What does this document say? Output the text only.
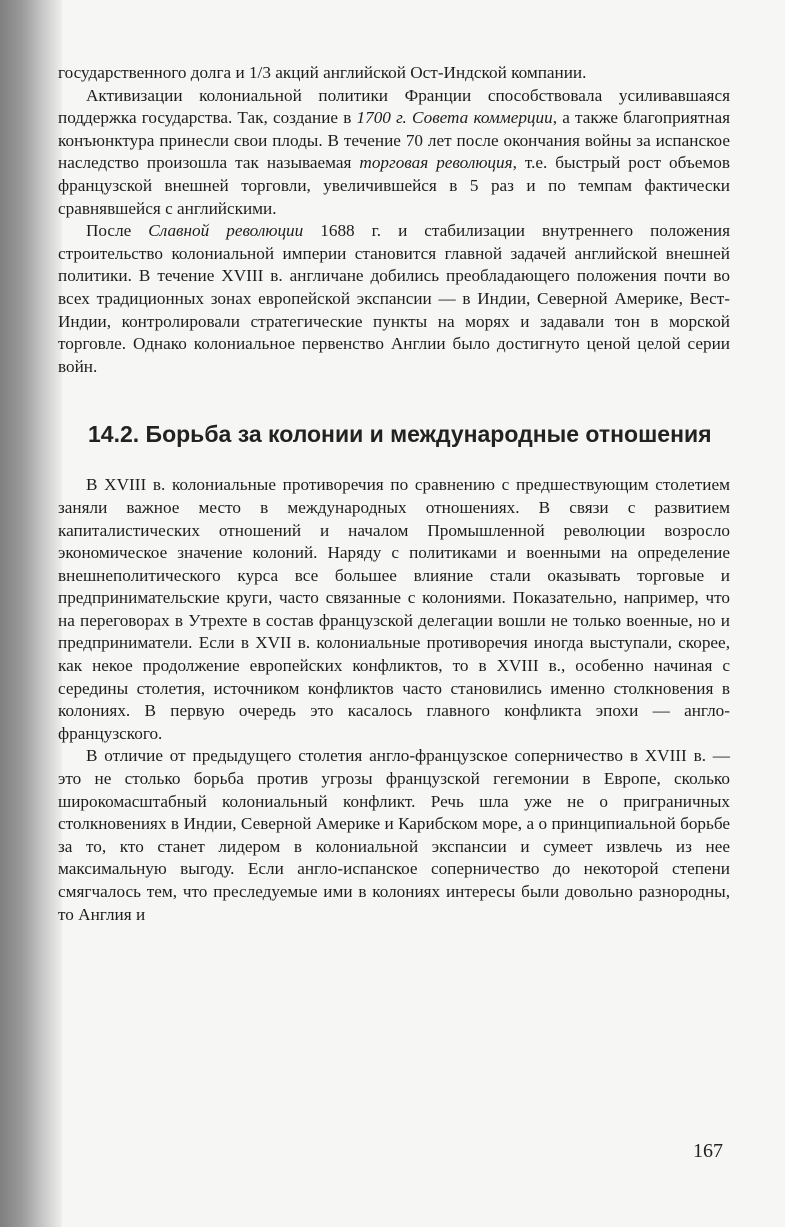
государственного долга и 1/3 акций английской Ост-Индской компании.

Активизации колониальной политики Франции способствовала усиливавшаяся поддержка государства. Так, создание в 1700 г. Совета коммерции, а также благоприятная конъюнктура принесли свои плоды. В течение 70 лет после окончания войны за испанское наследство произошла так называемая торговая революция, т.е. быстрый рост объемов французской внешней торговли, увеличившейся в 5 раз и по темпам фактически сравнявшейся с английскими.

После Славной революции 1688 г. и стабилизации внутреннего положения строительство колониальной империи становится главной задачей английской внешней политики. В течение XVIII в. англичане добились преобладающего положения почти во всех традиционных зонах европейской экспансии — в Индии, Северной Америке, Вест-Индии, контролировали стратегические пункты на морях и задавали тон в морской торговле. Однако колониальное первенство Англии было достигнуто ценой целой серии войн.

14.2. Борьба за колонии и международные отношения

В XVIII в. колониальные противоречия по сравнению с предшествующим столетием заняли важное место в международных отношениях. В связи с развитием капиталистических отношений и началом Промышленной революции возросло экономическое значение колоний. Наряду с политиками и военными на определение внешнеполитического курса все большее влияние стали оказывать торговые и предпринимательские круги, часто связанные с колониями. Показательно, например, что на переговорах в Утрехте в состав французской делегации вошли не только военные, но и предприниматели. Если в XVII в. колониальные противоречия иногда выступали, скорее, как некое продолжение европейских конфликтов, то в XVIII в., особенно начиная с середины столетия, источником конфликтов часто становились именно столкновения в колониях. В первую очередь это касалось главного конфликта эпохи — англо-французского.

В отличие от предыдущего столетия англо-французское соперничество в XVIII в. — это не столько борьба против угрозы французской гегемонии в Европе, сколько широкомасштабный колониальный конфликт. Речь шла уже не о приграничных столкновениях в Индии, Северной Америке и Карибском море, а о принципиальной борьбе за то, кто станет лидером в колониальной экспансии и сумеет извлечь из нее максимальную выгоду. Если англо-испанское соперничество до некоторой степени смягчалось тем, что преследуемые ими в колониях интересы были довольно разнородны, то Англия и

167
